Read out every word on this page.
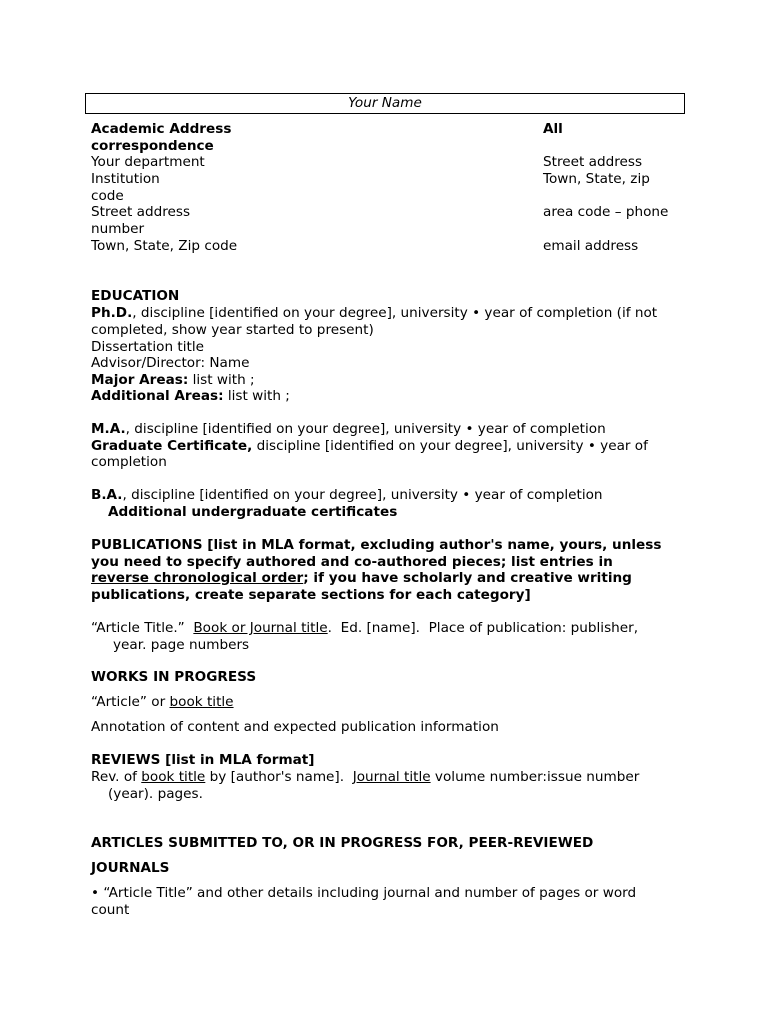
Your Name
Academic Address
correspondence
Your department
Institution
code
Street address
number
Town, State, Zip code
All
Street address
Town, State, zip
area code – phone
email address
EDUCATION
Ph.D., discipline [identified on your degree], university • year of completion (if not
completed, show year started to present)
Dissertation title
Advisor/Director: Name
Major Areas: list with ;
Additional Areas: list with ;
M.A., discipline [identified on your degree], university • year of completion
Graduate Certificate, discipline [identified on your degree], university • year of
completion
B.A., discipline [identified on your degree], university • year of completion
Additional undergraduate certificates
PUBLICATIONS [list in MLA format, excluding author's name, yours, unless
you need to specify authored and co-authored pieces; list entries in
reverse chronological order; if you have scholarly and creative writing
publications, create separate sections for each category]
“Article Title.”  Book or Journal title.  Ed. [name].  Place of publication: publisher,
year. page numbers
WORKS IN PROGRESS
“Article” or book title
Annotation of content and expected publication information
REVIEWS [list in MLA format]
Rev. of book title by [author's name].  Journal title volume number:issue number
(year). pages.
ARTICLES SUBMITTED TO, OR IN PROGRESS FOR, PEER-REVIEWED
JOURNALS
• “Article Title” and other details including journal and number of pages or word
count
